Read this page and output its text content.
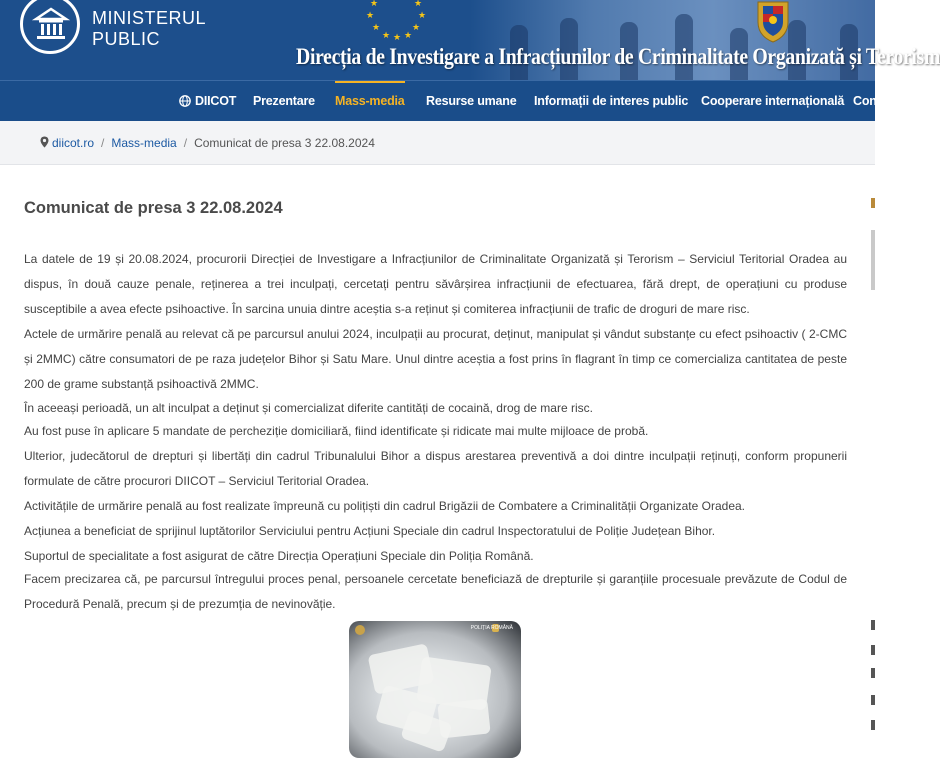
MINISTERUL
PUBLIC
★	★
★	★
★	★
★ ★ ★
Direcția de Investigare a Infracțiunilor de Criminalitate Organizată și Terorism
DIICOT Prezentare Mass-media Resurse umane Informații de interes public Cooperare internațională Con
diicot.ro / Mass-media / Comunicat de presa 3 22.08.2024
Comunicat de presa 3 22.08.2024

La datele de 19 și 20.08.2024, procurorii Direcției de Investigare a Infracțiunilor de Criminalitate Organizată și Terorism – Serviciul Teritorial Oradea au dispus, în două cauze penale, reținerea a trei inculpați, cercetați pentru săvârșirea infracțiunii de efectuarea, fără drept, de operațiuni cu produse susceptibile a avea efecte psihoactive. În sarcina unuia dintre aceștia s-a reținut și comiterea infracțiunii de trafic de droguri de mare risc.

Actele de urmărire penală au relevat că pe parcursul anului 2024, inculpații au procurat, deținut, manipulat și vândut substanțe cu efect psihoactiv ( 2-CMC și 2MMC) către consumatori de pe raza județelor Bihor și Satu Mare. Unul dintre aceștia a fost prins în flagrant în timp ce comercializa cantitatea de peste 200 de grame substanță psihoactivă 2MMC.

În aceeași perioadă, un alt inculpat a deținut și comercializat diferite cantități de cocaină, drog de mare risc.

Au fost puse în aplicare 5 mandate de percheziție domiciliară, fiind identificate și ridicate mai multe mijloace de probă.

Ulterior, judecătorul de drepturi și libertăți din cadrul Tribunalului Bihor a dispus arestarea preventivă a doi dintre inculpații reținuți, conform propunerii formulate de către procurori DIICOT – Serviciul Teritorial Oradea.

Activitățile de urmărire penală au fost realizate împreună cu polițiști din cadrul Brigăzii de Combatere a Criminalității Organizate Oradea.

Acțiunea a beneficiat de sprijinul luptătorilor Serviciului pentru Acțiuni Speciale din cadrul Inspectoratului de Poliție Județean Bihor.

Suportul de specialitate a fost asigurat de către Direcția Operațiuni Speciale din Poliția Română.

Facem precizarea că, pe parcursul întregului proces penal, persoanele cercetate beneficiază de drepturile și garanțiile procesuale prevăzute de Codul de Procedură Penală, precum și de prezumția de nevinovăție.

POLIȚIA ROMÂNĂ
